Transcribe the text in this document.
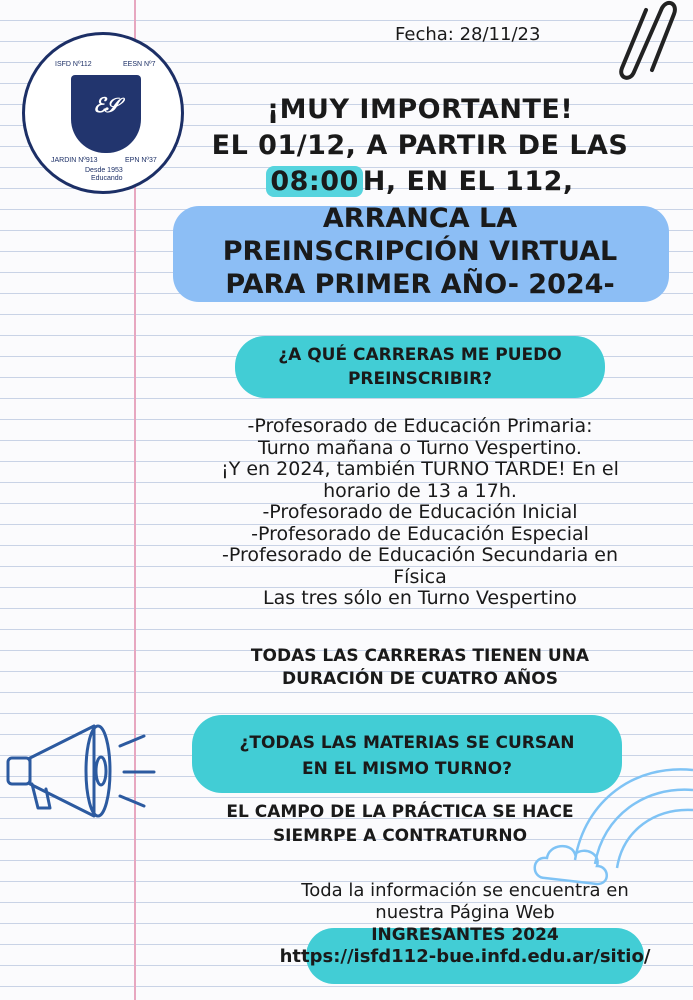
ISFD Nº112	EESN Nº7
ℰ𝒮
JARDIN Nº913	EPN Nº37
Desde 1953
Educando
Fecha: 28/11/23
¡MUY IMPORTANTE!
EL 01/12, A PARTIR DE LAS
08:00 H, EN EL 112,
ARRANCA LA
PREINSCRIPCIÓN VIRTUAL
PARA PRIMER AÑO- 2024-
¿A QUÉ CARRERAS ME PUEDO
PREINSCRIBIR?
-Profesorado de Educación Primaria:
Turno mañana o Turno Vespertino.
¡Y en 2024, también TURNO TARDE! En el
horario de 13 a 17h.
-Profesorado de Educación Inicial
-Profesorado de Educación Especial
-Profesorado de Educación Secundaria en
Física
Las tres sólo en Turno Vespertino
TODAS LAS CARRERAS TIENEN UNA
DURACIÓN DE CUATRO AÑOS
¿TODAS LAS MATERIAS SE CURSAN
EN EL MISMO TURNO?
EL CAMPO DE LA PRÁCTICA SE HACE
SIEMRPE A CONTRATURNO
Toda la información se encuentra en
nuestra Página Web
INGRESANTES 2024
https://isfd112-bue.infd.edu.ar/sitio/
